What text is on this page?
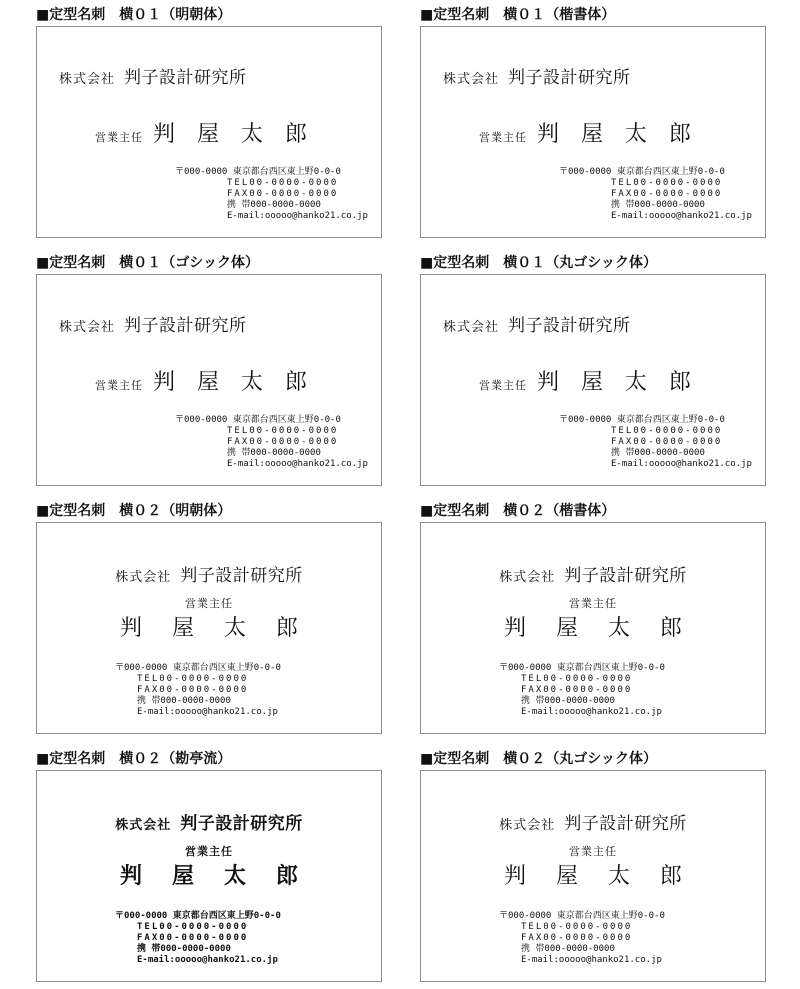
■定型名刺　横０１（明朝体）
株式会社 判子設計研究所
営業主任 判屋太郎
〒000-0000 東京都台西区東上野0-0-0
TEL00-0000-0000
FAX00-0000-0000
携 帯000-0000-0000
E-mail:ooooo@hanko21.co.jp
■定型名刺　横０１（楷書体）
株式会社 判子設計研究所
営業主任 判屋太郎
〒000-0000 東京都台西区東上野0-0-0
TEL00-0000-0000
FAX00-0000-0000
携 帯000-0000-0000
E-mail:ooooo@hanko21.co.jp
■定型名刺　横０１（ゴシック体）
株式会社 判子設計研究所
営業主任 判屋太郎
〒000-0000 東京都台西区東上野0-0-0
TEL00-0000-0000
FAX00-0000-0000
携 帯000-0000-0000
E-mail:ooooo@hanko21.co.jp
■定型名刺　横０１（丸ゴシック体）
株式会社 判子設計研究所
営業主任 判屋太郎
〒000-0000 東京都台西区東上野0-0-0
TEL00-0000-0000
FAX00-0000-0000
携 帯000-0000-0000
E-mail:ooooo@hanko21.co.jp
■定型名刺　横０２（明朝体）
株式会社 判子設計研究所
営業主任
判屋太郎
〒000-0000 東京都台西区東上野0-0-0
TEL00-0000-0000
FAX00-0000-0000
携 帯000-0000-0000
E-mail:ooooo@hanko21.co.jp
■定型名刺　横０２（楷書体）
株式会社 判子設計研究所
営業主任
判屋太郎
〒000-0000 東京都台西区東上野0-0-0
TEL00-0000-0000
FAX00-0000-0000
携 帯000-0000-0000
E-mail:ooooo@hanko21.co.jp
■定型名刺　横０２（勘亭流）
株式会社 判子設計研究所
営業主任
判屋太郎
〒000-0000 東京都台西区東上野0-0-0
TEL00-0000-0000
FAX00-0000-0000
携 帯000-0000-0000
E-mail:ooooo@hanko21.co.jp
■定型名刺　横０２（丸ゴシック体）
株式会社 判子設計研究所
営業主任
判屋太郎
〒000-0000 東京都台西区東上野0-0-0
TEL00-0000-0000
FAX00-0000-0000
携 帯000-0000-0000
E-mail:ooooo@hanko21.co.jp
